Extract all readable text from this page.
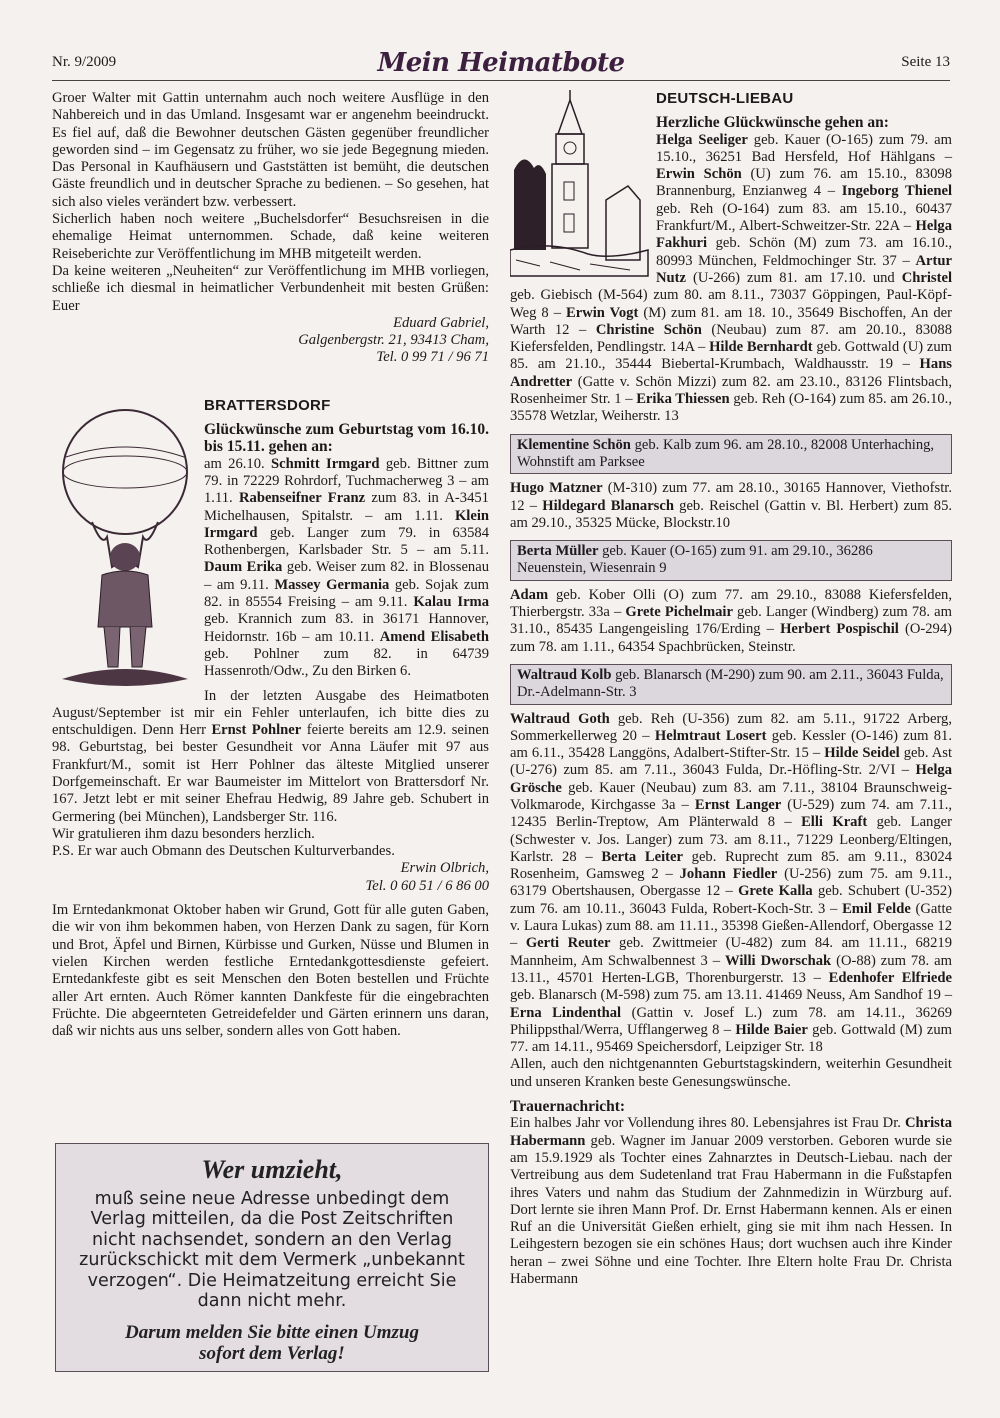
Nr. 9/2009	Mein Heimatbote	Seite 13

Groer Walter mit Gattin unternahm auch noch weitere Ausflüge in den Nahbereich und in das Umland. Insgesamt war er angenehm beeindruckt. Es fiel auf, daß die Bewohner deutschen Gästen gegenüber freundlicher geworden sind – im Gegensatz zu früher, wo sie jede Begegnung mieden. Das Personal in Kaufhäusern und Gaststätten ist bemüht, die deutschen Gäste freundlich und in deutscher Sprache zu bedienen. – So gesehen, hat sich also vieles verändert bzw. verbessert.

Sicherlich haben noch weitere „Buchelsdorfer“ Besuchsreisen in die ehemalige Heimat unternommen. Schade, daß keine weiteren Reiseberichte zur Veröffentlichung im MHB mitgeteilt werden.

Da keine weiteren „Neuheiten“ zur Veröffentlichung im MHB vorliegen, schließe ich diesmal in heimatlicher Verbundenheit mit besten Grüßen: Euer

Eduard Gabriel,

Galgenbergstr. 21, 93413 Cham,

Tel. 0 99 71 / 96 71

BRATTERSDORF

Glückwünsche zum Geburtstag vom 16.10. bis 15.11. gehen an:

am 26.10. Schmitt Irmgard geb. Bittner zum 79. in 72229 Rohrdorf, Tuchmacherweg 3 – am 1.11. Rabenseifner Franz zum 83. in A-3451 Michelhausen, Spitalstr. – am 1.11. Klein Irmgard geb. Langer zum 79. in 63584 Rothenbergen, Karlsbader Str. 5 – am 5.11. Daum Erika geb. Weiser zum 82. in Blossenau – am 9.11. Massey Germania geb. Sojak zum 82. in 85554 Freising – am 9.11. Kalau Irma geb. Krannich zum 83. in 36171 Hannover, Heidornstr. 16b – am 10.11. Amend Elisabeth geb. Pohlner zum 82. in 64739 Hassenroth/Odw., Zu den Birken 6.

In der letzten Ausgabe des Heimatboten August/September ist mir ein Fehler unterlaufen, ich bitte dies zu entschuldigen. Denn Herr Ernst Pohlner feierte bereits am 12.9. seinen 98. Geburtstag, bei bester Gesundheit vor Anna Läufer mit 97 aus Frankfurt/M., somit ist Herr Pohlner das älteste Mitglied unserer Dorfgemeinschaft. Er war Baumeister im Mittelort von Brattersdorf Nr. 167. Jetzt lebt er mit seiner Ehefrau Hedwig, 89 Jahre geb. Schubert in Germering (bei München), Landsberger Str. 116.

Wir gratulieren ihm dazu besonders herzlich.

P.S. Er war auch Obmann des Deutschen Kulturverbandes.

Erwin Olbrich,

Tel. 0 60 51 / 6 86 00

Im Erntedankmonat Oktober haben wir Grund, Gott für alle guten Gaben, die wir von ihm bekommen haben, von Herzen Dank zu sagen, für Korn und Brot, Äpfel und Birnen, Kürbisse und Gurken, Nüsse und Blumen in vielen Kirchen werden festliche Erntedankgottesdienste gefeiert. Erntedankfeste gibt es seit Menschen den Boten bestellen und Früchte aller Art ernten. Auch Römer kannten Dankfeste für die eingebrachten Früchte. Die abgeernteten Getreidefelder und Gärten erinnern uns daran, daß wir nichts aus uns selber, sondern alles von Gott haben.

Wer umzieht,
muß seine neue Adresse unbedingt dem Verlag mitteilen, da die Post Zeitschriften nicht nachsendet, sondern an den Verlag zurückschickt mit dem Vermerk „unbekannt verzogen“. Die Heimatzeitung erreicht Sie dann nicht mehr.
Darum melden Sie bitte einen Umzug
sofort dem Verlag!

DEUTSCH-LIEBAU

Herzliche Glückwünsche gehen an:

Helga Seeliger geb. Kauer (O-165) zum 79. am 15.10., 36251 Bad Hersfeld, Hof Hählgans – Erwin Schön (U) zum 76. am 15.10., 83098 Brannenburg, Enzianweg 4 – Ingeborg Thienel geb. Reh (O-164) zum 83. am 15.10., 60437 Frankfurt/M., Albert-Schweitzer-Str. 22A – Helga Fakhuri geb. Schön (M) zum 73. am 16.10., 80993 München, Feldmochinger Str. 37 – Artur Nutz (U-266) zum 81. am 17.10. und Christel geb. Giebisch (M-564) zum 80. am 8.11., 73037 Göppingen, Paul-Köpf-Weg 8 – Erwin Vogt (M) zum 81. am 18. 10., 35649 Bischoffen, An der Warth 12 – Christine Schön (Neubau) zum 87. am 20.10., 83088 Kiefersfelden, Pendlingstr. 14A – Hilde Bernhardt geb. Gottwald (U) zum 85. am 21.10., 35444 Biebertal-Krumbach, Waldhausstr. 19 – Hans Andretter (Gatte v. Schön Mizzi) zum 82. am 23.10., 83126 Flintsbach, Rosenheimer Str. 1 – Erika Thiessen geb. Reh (O-164) zum 85. am 26.10., 35578 Wetzlar, Weiherstr. 13

Klementine Schön geb. Kalb zum 96. am 28.10., 82008 Unterhaching, Wohnstift am Parksee

Hugo Matzner (M-310) zum 77. am 28.10., 30165 Hannover, Viethofstr. 12 – Hildegard Blanarsch geb. Reischel (Gattin v. Bl. Herbert) zum 85. am 29.10., 35325 Mücke, Blockstr.10

Berta Müller geb. Kauer (O-165) zum 91. am 29.10., 36286 Neuenstein, Wiesenrain 9

Adam geb. Kober Olli (O) zum 77. am 29.10., 83088 Kiefersfelden, Thierbergstr. 33a – Grete Pichelmair geb. Langer (Windberg) zum 78. am 31.10., 85435 Langengeisling 176/Erding – Herbert Pospischil (O-294) zum 78. am 1.11., 64354 Spachbrücken, Steinstr.

Waltraud Kolb geb. Blanarsch (M-290) zum 90. am 2.11., 36043 Fulda, Dr.-Adelmann-Str. 3

Waltraud Goth geb. Reh (U-356) zum 82. am 5.11., 91722 Arberg, Sommerkellerweg 20 – Helmtraut Losert geb. Kessler (O-146) zum 81. am 6.11., 35428 Langgöns, Adalbert-Stifter-Str. 15 – Hilde Seidel geb. Ast (U-276) zum 85. am 7.11., 36043 Fulda, Dr.-Höfling-Str. 2/VI – Helga Grösche geb. Kauer (Neubau) zum 83. am 7.11., 38104 Braunschweig-Volkmarode, Kirchgasse 3a – Ernst Langer (U-529) zum 74. am 7.11., 12435 Berlin-Treptow, Am Plänterwald 8 – Elli Kraft geb. Langer (Schwester v. Jos. Langer) zum 73. am 8.11., 71229 Leonberg/Eltingen, Karlstr. 28 – Berta Leiter geb. Ruprecht zum 85. am 9.11., 83024 Rosenheim, Gamsweg 2 – Johann Fiedler (U-256) zum 75. am 9.11., 63179 Obertshausen, Obergasse 12 – Grete Kalla geb. Schubert (U-352) zum 76. am 10.11., 36043 Fulda, Robert-Koch-Str. 3 – Emil Felde (Gatte v. Laura Lukas) zum 88. am 11.11., 35398 Gießen-Allendorf, Obergasse 12 – Gerti Reuter geb. Zwittmeier (U-482) zum 84. am 11.11., 68219 Mannheim, Am Schwalbennest 3 – Willi Dworschak (O-88) zum 78. am 13.11., 45701 Herten-LGB, Thorenburgerstr. 13 – Edenhofer Elfriede geb. Blanarsch (M-598) zum 75. am 13.11. 41469 Neuss, Am Sandhof 19 – Erna Lindenthal (Gattin v. Josef L.) zum 78. am 14.11., 36269 Philippsthal/Werra, Ufflangerweg 8 – Hilde Baier geb. Gottwald (M) zum 77. am 14.11., 95469 Speichersdorf, Leipziger Str. 18

Allen, auch den nichtgenannten Geburtstagskindern, weiterhin Gesundheit und unseren Kranken beste Genesungswünsche.

Trauernachricht:

Ein halbes Jahr vor Vollendung ihres 80. Lebensjahres ist Frau Dr. Christa Habermann geb. Wagner im Januar 2009 verstorben. Geboren wurde sie am 15.9.1929 als Tochter eines Zahnarztes in Deutsch-Liebau. nach der Vertreibung aus dem Sudetenland trat Frau Habermann in die Fußstapfen ihres Vaters und nahm das Studium der Zahnmedizin in Würzburg auf. Dort lernte sie ihren Mann Prof. Dr. Ernst Habermann kennen. Als er einen Ruf an die Universität Gießen erhielt, ging sie mit ihm nach Hessen. In Leihgestern bezogen sie ein schönes Haus; dort wuchsen auch ihre Kinder heran – zwei Söhne und eine Tochter. Ihre Eltern holte Frau Dr. Christa Habermann
